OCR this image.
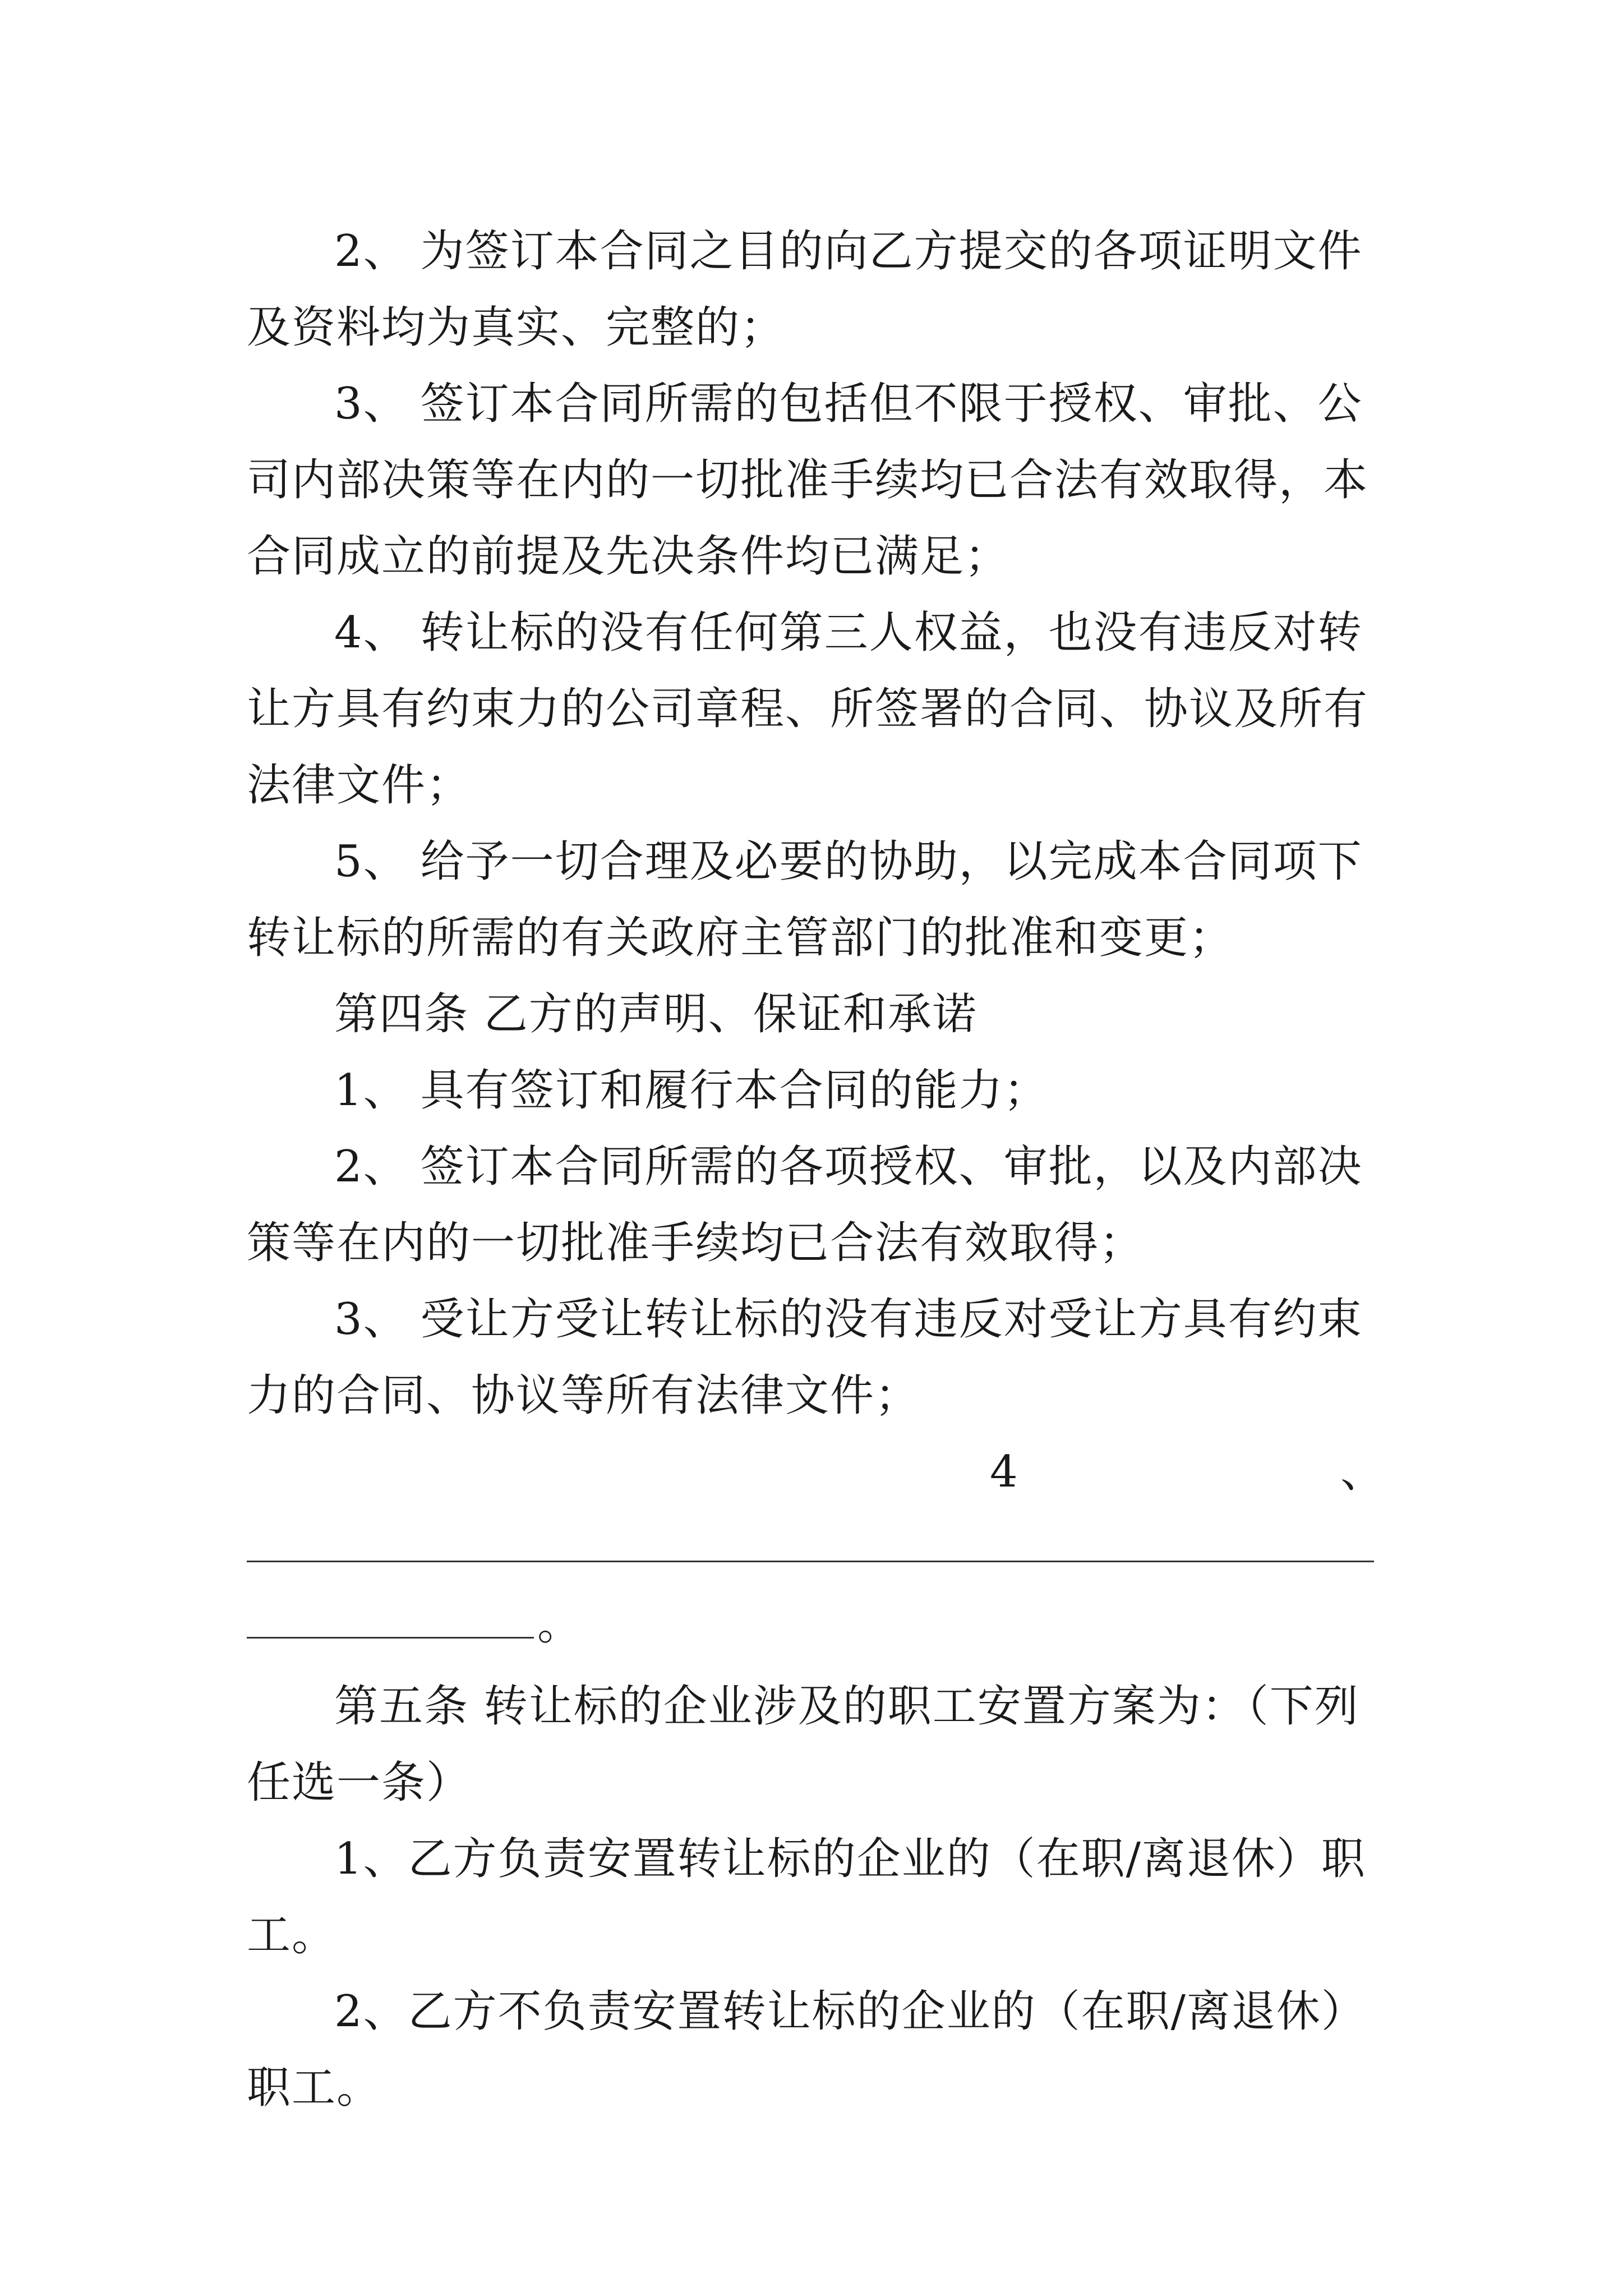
2、 为签订本合同之目的向乙方提交的各项证明文件及资料均为真实、完整的；

3、 签订本合同所需的包括但不限于授权、审批、公司内部决策等在内的一切批准手续均已合法有效取得，本合同成立的前提及先决条件均已满足；

4、 转让标的没有任何第三人权益，也没有违反对转让方具有约束力的公司章程、所签署的合同、协议及所有法律文件；

5、 给予一切合理及必要的协助，以完成本合同项下转让标的所需的有关政府主管部门的批准和变更；

第四条 乙方的声明、保证和承诺

1、 具有签订和履行本合同的能力；

2、 签订本合同所需的各项授权、审批，以及内部决策等在内的一切批准手续均已合法有效取得；

3、 受让方受让转让标的没有违反对受让方具有约束力的合同、协议等所有法律文件；

4	、
。

第五条 转让标的企业涉及的职工安置方案为：（下列任选一条）

1、乙方负责安置转让标的企业的（在职/离退休）职工。

2、乙方不负责安置转让标的企业的（在职/离退休）职工。
